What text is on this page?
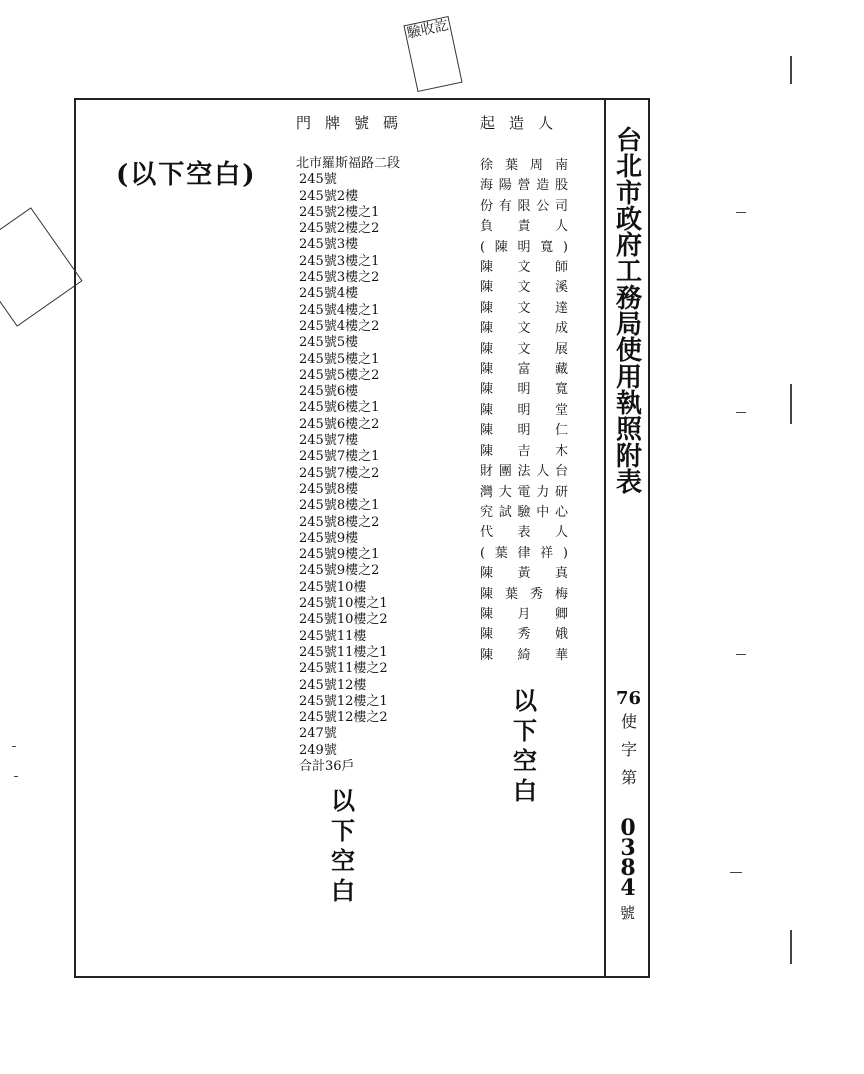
門牌號碼	起造人
台北市政府工務局使用執照附表
76
使字第
0384
號
(以下空白)	北市羅斯福路二段
245號
245號2樓
245號2樓之1
245號2樓之2
245號3樓
245號3樓之1
245號3樓之2
245號4樓
245號4樓之1
245號4樓之2
245號5樓
245號5樓之1
245號5樓之2
245號6樓
245號6樓之1
245號6樓之2
245號7樓
245號7樓之1
245號7樓之2
245號8樓
245號8樓之1
245號8樓之2
245號9樓
245號9樓之1
245號9樓之2
245號10樓
245號10樓之1
245號10樓之2
245號11樓
245號11樓之1
245號11樓之2
245號12樓
245號12樓之1
245號12樓之2
247號
249號
合計36戶
徐 葉 周 南
海 陽 營 造 股
份 有 限 公 司
負 責 人
( 陳 明 寬 )
陳 文 師
陳 文 溪
陳 文 達
陳 文 成
陳 文 展
陳 富 藏
陳 明 寬
陳 明 堂
陳 明 仁
陳 吉 木
財 團 法 人 台
灣 大 電 力 研
究 試 驗 中 心
代 表 人
( 葉 律 祥 )
陳 黃 真
陳 葉 秀 梅
陳 月 卿
陳 秀 娥
陳 綺 華
以下空白
以下空白
驗收訖
